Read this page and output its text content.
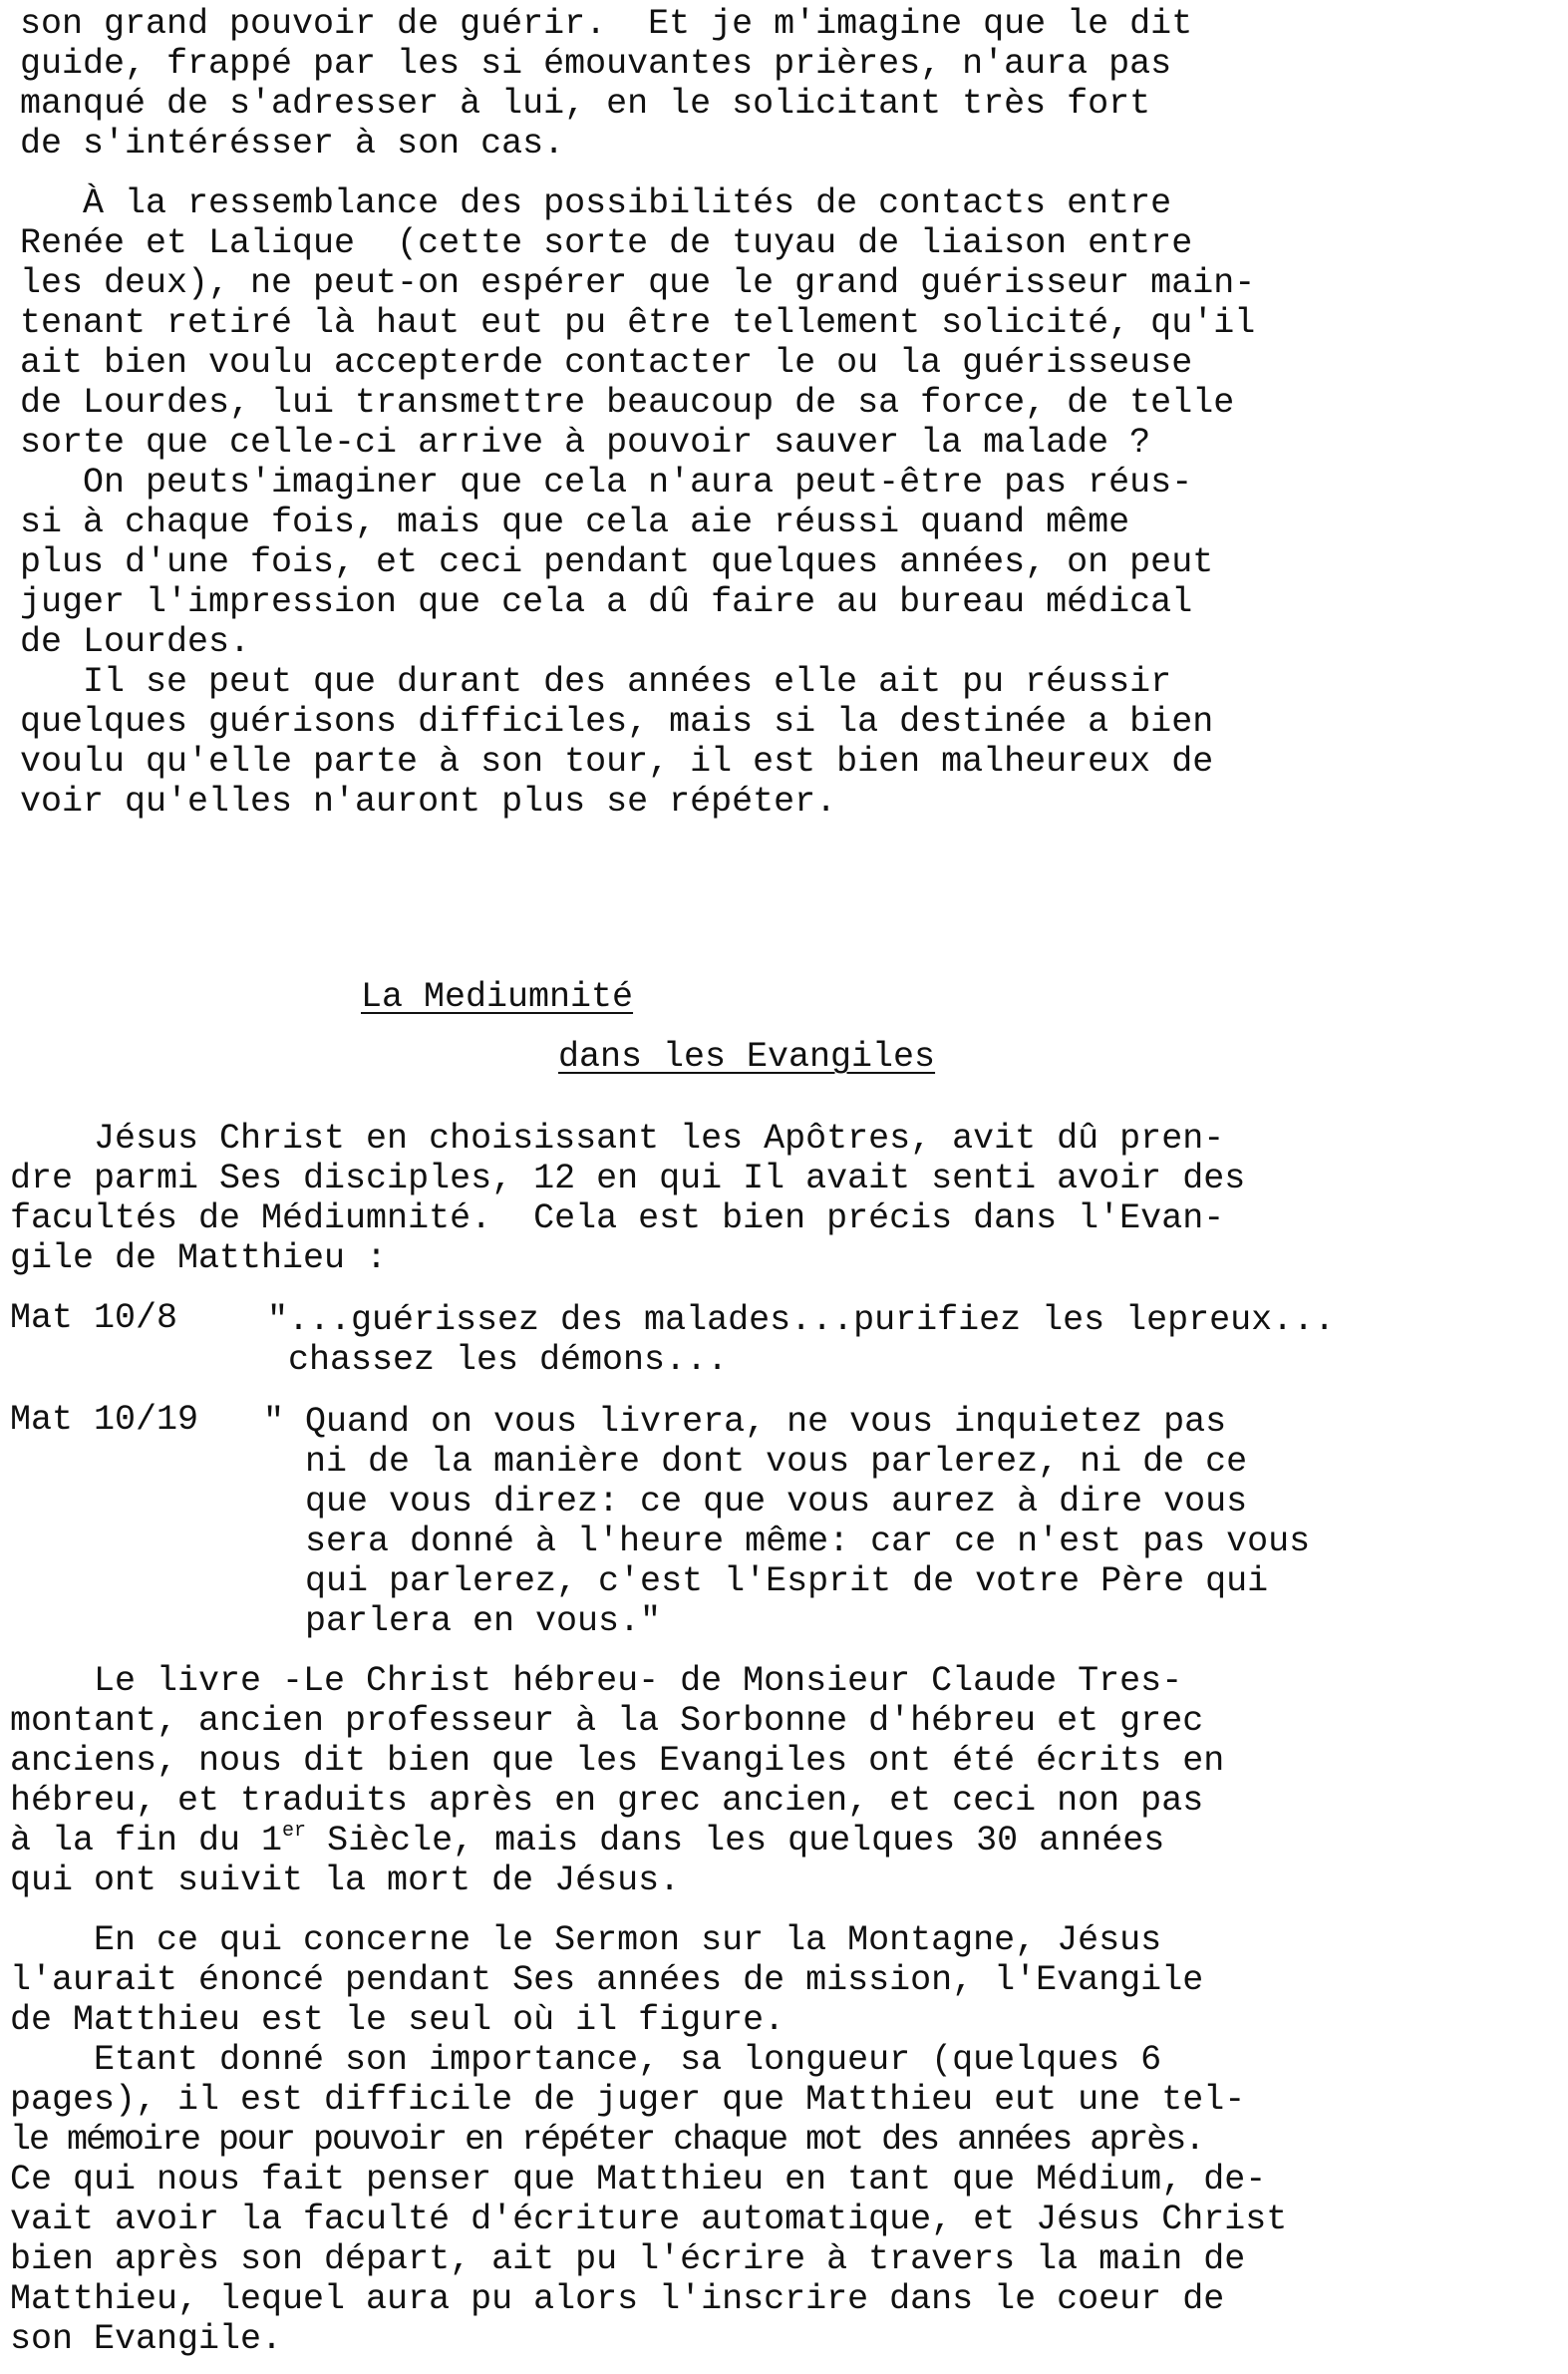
son grand pouvoir de guérir.  Et je m'imagine que le dit
guide, frappé par les si émouvantes prières, n'aura pas
manqué de s'adresser à lui, en le solicitant très fort
de s'intérésser à son cas.
À la ressemblance des possibilités de contacts entre
Renée et Lalique  (cette sorte de tuyau de liaison entre
les deux), ne peut-on espérer que le grand guérisseur main-
tenant retiré là haut eut pu être tellement solicité, qu'il
ait bien voulu accepterde contacter le ou la guérisseuse
de Lourdes, lui transmettre beaucoup de sa force, de telle
sorte que celle-ci arrive à pouvoir sauver la malade ?
On peuts'imaginer que cela n'aura peut-être pas réus-
si à chaque fois, mais que cela aie réussi quand même
plus d'une fois, et ceci pendant quelques années, on peut
juger l'impression que cela a dû faire au bureau médical
de Lourdes.
Il se peut que durant des années elle ait pu réussir
quelques guérisons difficiles, mais si la destinée a bien
voulu qu'elle parte à son tour, il est bien malheureux de
voir qu'elles n'auront plus se répéter.
La Mediumnité
dans les Evangiles
Jésus Christ en choisissant les Apôtres, avit dû pren-
dre parmi Ses disciples, 12 en qui Il avait senti avoir des
facultés de Médiumnité.  Cela est bien précis dans l'Evan-
gile de Matthieu :
Mat 10/8	"...guérissez des malades...purifiez les lepreux...
chassez les démons...
Mat 10/19 " Quand on vous livrera, ne vous inquietez pas
ni de la manière dont vous parlerez, ni de ce
que vous direz: ce que vous aurez à dire vous
sera donné à l'heure même: car ce n'est pas vous
qui parlerez, c'est l'Esprit de votre Père qui
parlera en vous."
Le livre -Le Christ hébreu- de Monsieur Claude Tres-
montant, ancien professeur à la Sorbonne d'hébreu et grec
anciens, nous dit bien que les Evangiles ont été écrits en
hébreu, et traduits après en grec ancien, et ceci non pas
à la fin du 1er Siècle, mais dans les quelques 30 années
qui ont suivit la mort de Jésus.
En ce qui concerne le Sermon sur la Montagne, Jésus
l'aurait énoncé pendant Ses années de mission, l'Evangile
de Matthieu est le seul où il figure.
Etant donné son importance, sa longueur (quelques 6
pages), il est difficile de juger que Matthieu eut une tel-
le mémoire pour pouvoir en répéter chaque mot des années après.
Ce qui nous fait penser que Matthieu en tant que Médium, de-
vait avoir la faculté d'écriture automatique, et Jésus Christ
bien après son départ, ait pu l'écrire à travers la main de
Matthieu, lequel aura pu alors l'inscrire dans le coeur de
son Evangile.
